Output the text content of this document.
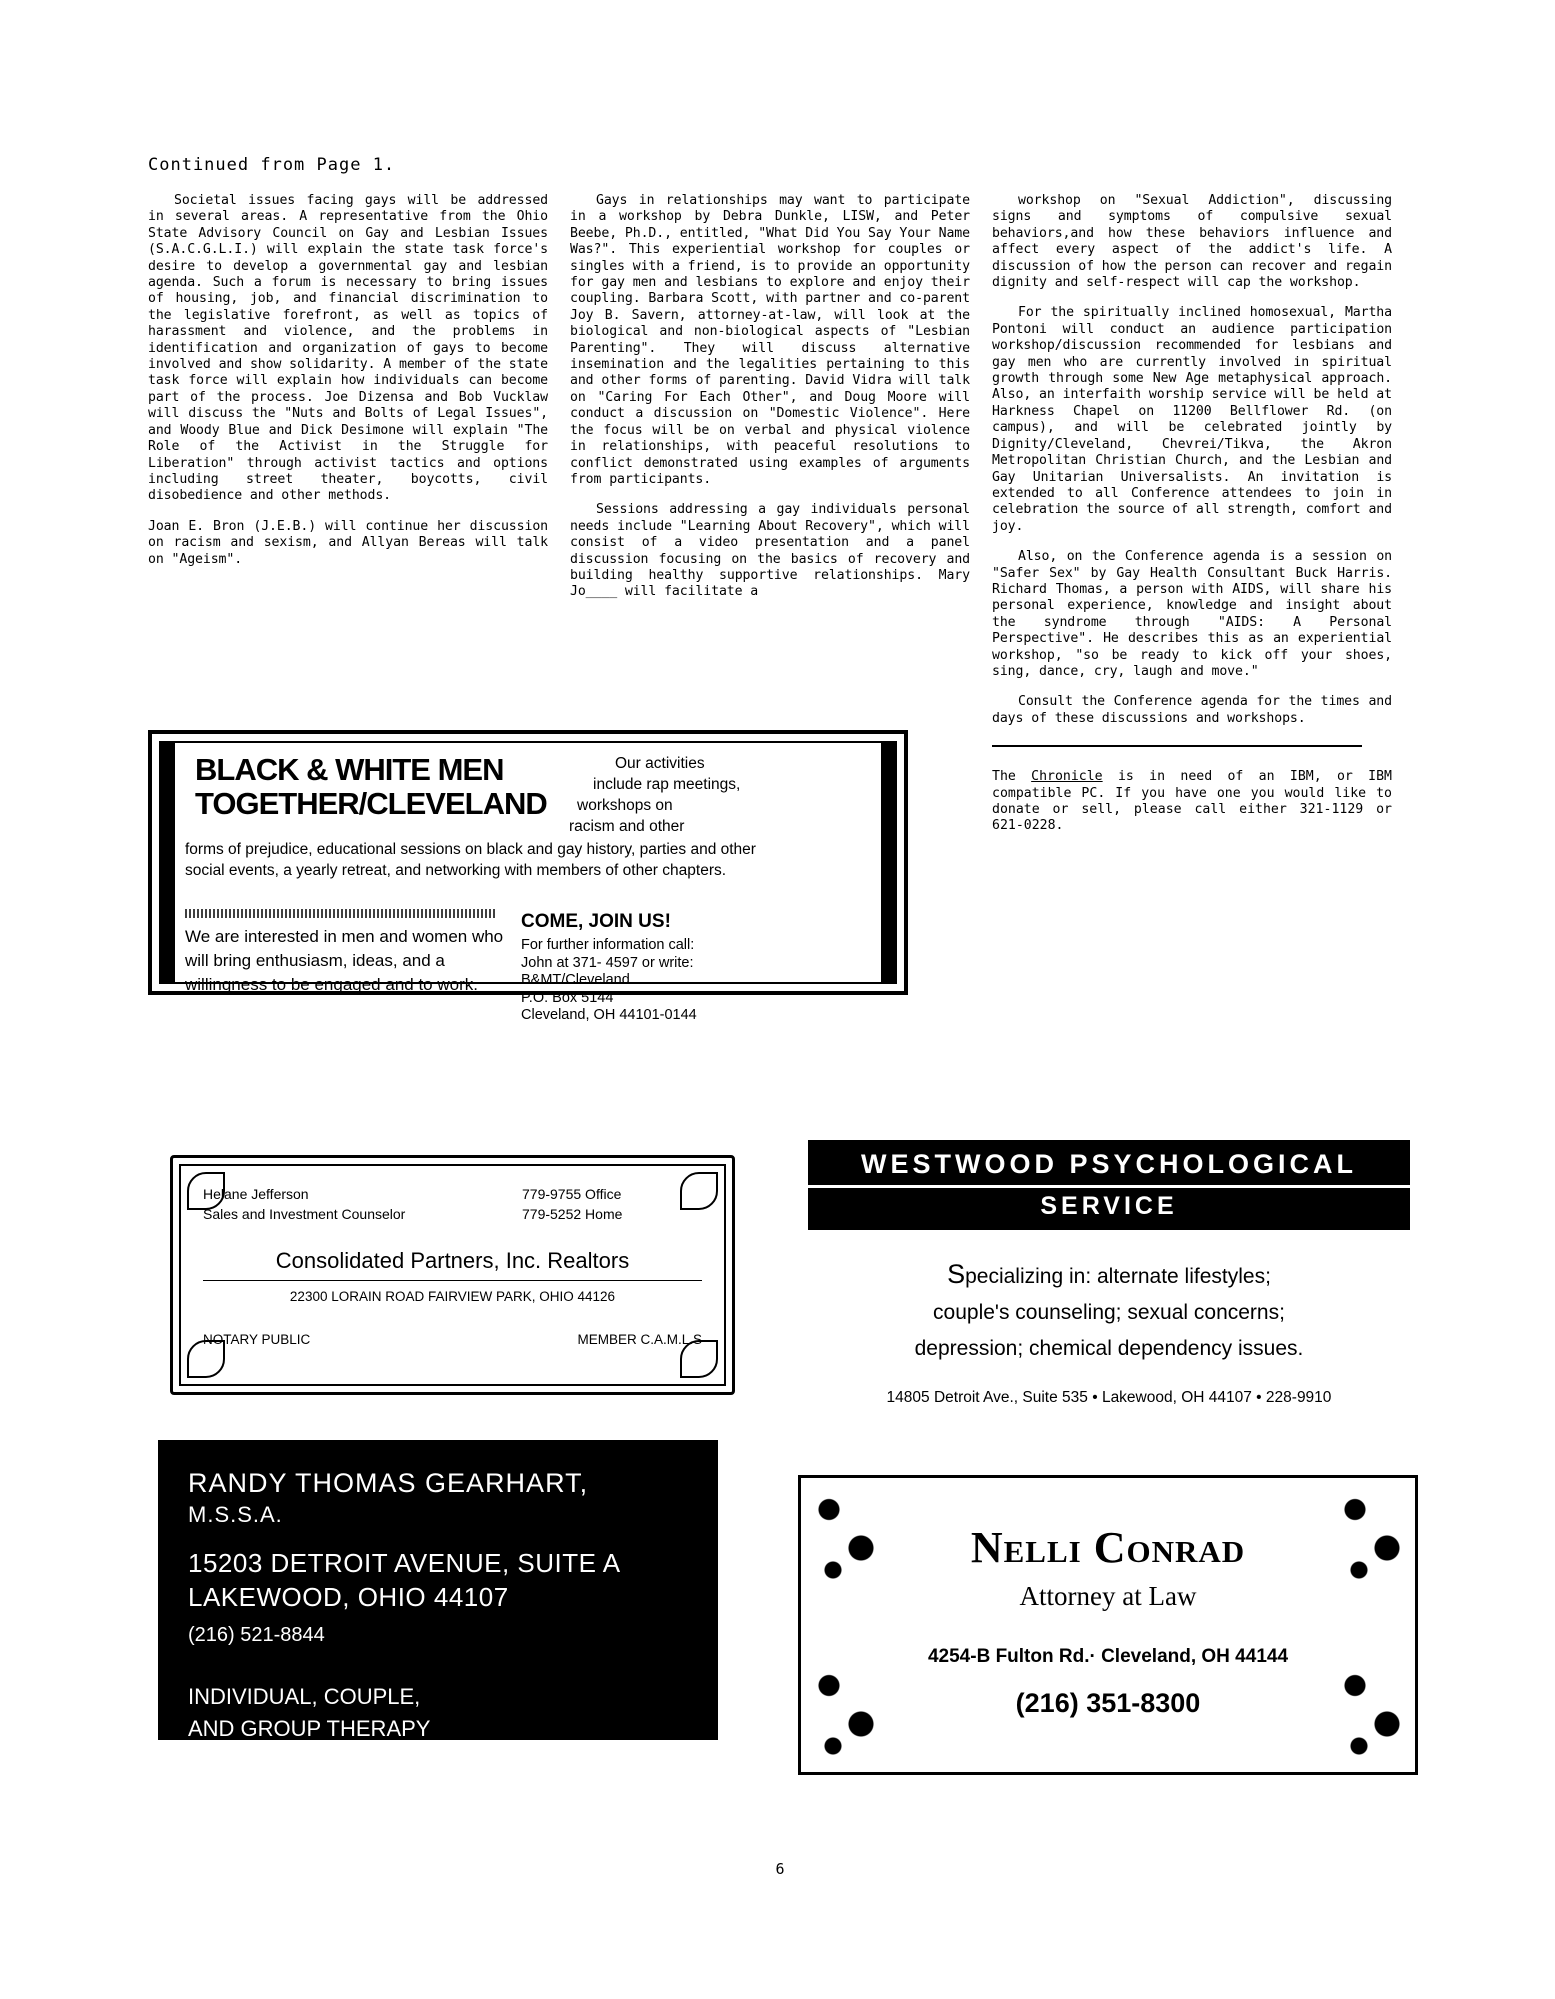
Continued from Page 1.

Societal issues facing gays will be addressed in several areas. A representative from the Ohio State Advisory Council on Gay and Lesbian Issues (S.A.C.G.L.I.) will explain the state task force's desire to develop a governmental gay and lesbian agenda. Such a forum is necessary to bring issues of housing, job, and financial discrimination to the legislative forefront, as well as topics of harassment and violence, and the problems in identification and organization of gays to become involved and show solidarity. A member of the state task force will explain how individuals can become part of the process. Joe Dizensa and Bob Vucklaw will discuss the "Nuts and Bolts of Legal Issues", and Woody Blue and Dick Desimone will explain "The Role of the Activist in the Struggle for Liberation" through activist tactics and options including street theater, boycotts, civil disobedience and other methods.

Joan E. Bron (J.E.B.) will continue her discussion on racism and sexism, and Allyan Bereas will talk on "Ageism".

Gays in relationships may want to participate in a workshop by Debra Dunkle, LISW, and Peter Beebe, Ph.D., entitled, "What Did You Say Your Name Was?". This experiential workshop for couples or singles with a friend, is to provide an opportunity for gay men and lesbians to explore and enjoy their coupling. Barbara Scott, with partner and co-parent Joy B. Savern, attorney-at-law, will look at the biological and non-biological aspects of "Lesbian Parenting". They will discuss alternative insemination and the legalities pertaining to this and other forms of parenting. David Vidra will talk on "Caring For Each Other", and Doug Moore will conduct a discussion on "Domestic Violence". Here the focus will be on verbal and physical violence in relationships, with peaceful resolutions to conflict demonstrated using examples of arguments from participants.

Sessions addressing a gay individuals personal needs include "Learning About Recovery", which will consist of a video presentation and a panel discussion focusing on the basics of recovery and building healthy supportive relationships. Mary Jo____ will facilitate a

workshop on "Sexual Addiction", discussing signs and symptoms of compulsive sexual behaviors,and how these behaviors influence and affect every aspect of the addict's life. A discussion of how the person can recover and regain dignity and self-respect will cap the workshop.

For the spiritually inclined homosexual, Martha Pontoni will conduct an audience participation workshop/discussion recommended for lesbians and gay men who are currently involved in spiritual growth through some New Age metaphysical approach. Also, an interfaith worship service will be held at Harkness Chapel on 11200 Bellflower Rd. (on campus), and will be celebrated jointly by Dignity/Cleveland, Chevrei/Tikva, the Akron Metropolitan Christian Church, and the Lesbian and Gay Unitarian Universalists. An invitation is extended to all Conference attendees to join in celebration the source of all strength, comfort and joy.

Also, on the Conference agenda is a session on "Safer Sex" by Gay Health Consultant Buck Harris. Richard Thomas, a person with AIDS, will share his personal experience, knowledge and insight about the syndrome through "AIDS: A Personal Perspective". He describes this as an experiential workshop, "so be ready to kick off your shoes, sing, dance, cry, laugh and move."

Consult the Conference agenda for the times and days of these discussions and workshops.

The Chronicle is in need of an IBM, or IBM compatible PC. If you have one you would like to donate or sell, please call either 321-1129 or 621-0228.
BLACK & WHITE MEN
TOGETHER/CLEVELAND
Our activities
include rap meetings,
workshops on
racism and other
forms of prejudice, educational sessions on black and gay history, parties and other social events, a yearly retreat, and networking with members of other chapters.
We are interested in men and women who will bring enthusiasm, ideas, and a willingness to be engaged and to work.
COME, JOIN US!
For further information call:
John at 371- 4597 or write:
B&MT/Cleveland
P.O. Box 5144
Cleveland, OH 44101-0144
Helane Jefferson
Sales and Investment Counselor
779-9755 Office
779-5252 Home
Consolidated Partners, Inc. Realtors
22300 LORAIN ROAD FAIRVIEW PARK, OHIO 44126
NOTARY PUBLIC	MEMBER C.A.M.L.S
RANDY THOMAS GEARHART,
M.S.S.A.
15203 DETROIT AVENUE, SUITE A
LAKEWOOD, OHIO 44107
(216) 521-8844
INDIVIDUAL, COUPLE,
AND GROUP THERAPY
WESTWOOD PSYCHOLOGICAL
SERVICE
Specializing in: alternate lifestyles;
couple's counseling; sexual concerns;
depression; chemical dependency issues.
14805 Detroit Ave., Suite 535 • Lakewood, OH 44107 • 228-9910
Nelli Conrad
Attorney at Law
4254-B Fulton Rd.· Cleveland, OH 44144
(216) 351-8300
6
